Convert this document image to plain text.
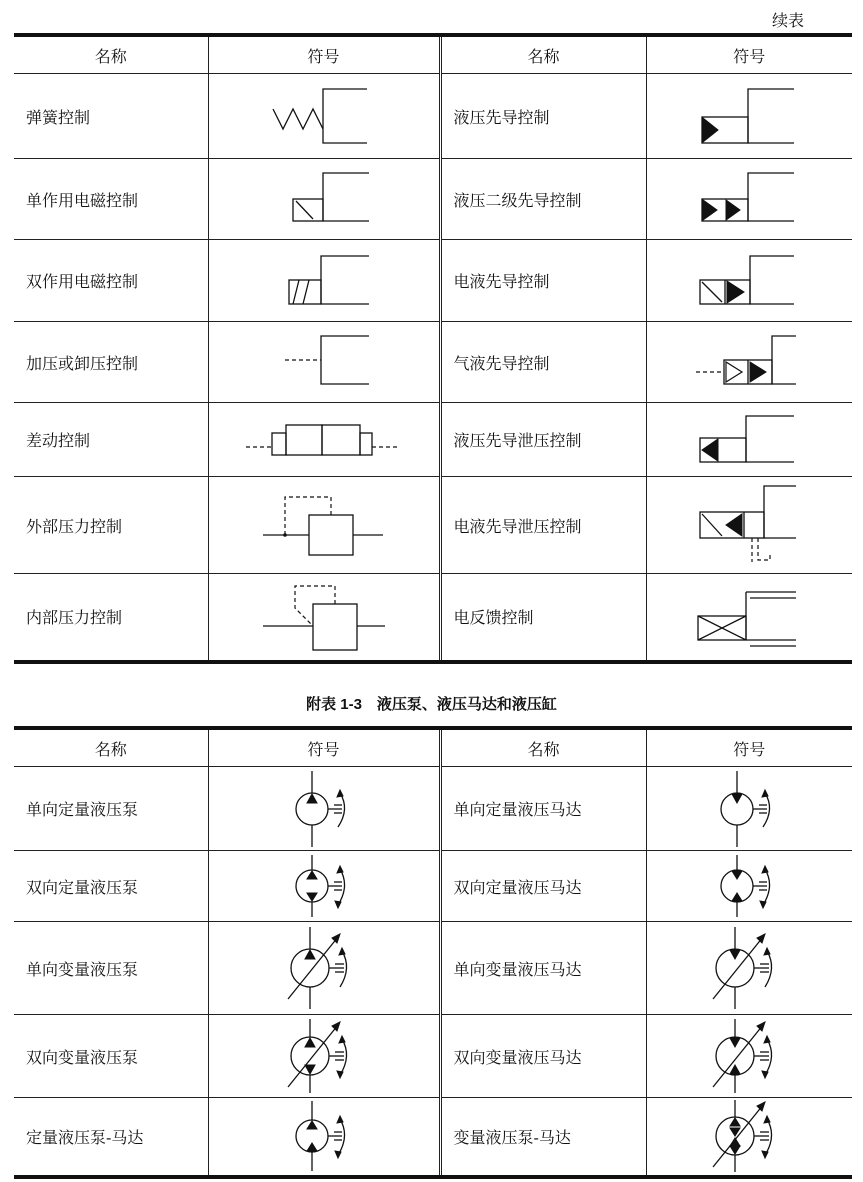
续表
名称	符号	名称	符号
弹簧控制		液压先导控制	

单作用电磁控制		液压二级先导控制	

双作用电磁控制		电液先导控制	

加压或卸压控制		气液先导控制	

差动控制		液压先导泄压控制	

外部压力控制		电液先导泄压控制	

内部压力控制		电反馈控制	
附表 1-3　液压泵、液压马达和液压缸
名称	符号	名称	符号
单向定量液压泵		单向定量液压马达	

双向定量液压泵		双向定量液压马达	

单向变量液压泵		单向变量液压马达	

双向变量液压泵		双向变量液压马达	

定量液压泵-马达		变量液压泵-马达	
